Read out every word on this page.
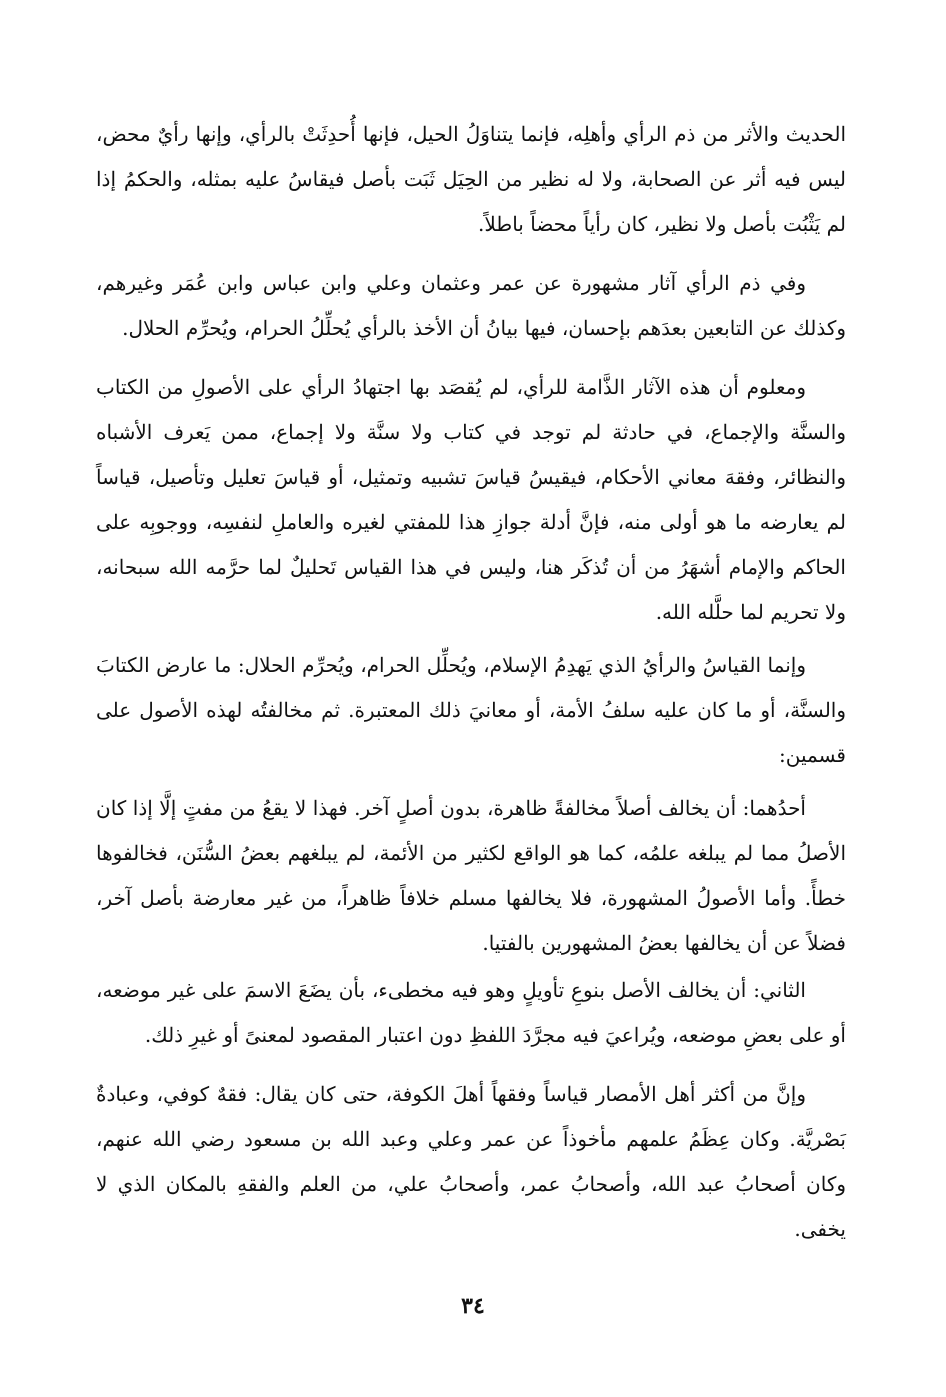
الحديث والأثر من ذم الرأي وأهلِه، فإنما يتناوَلُ الحيل، فإنها أُحدِثَتْ بالرأي، وإنها رأيٌ محض، ليس فيه أثر عن الصحابة، ولا له نظير من الحِيَل ثَبَت بأصل فيقاسُ عليه بمثله، والحكمُ إذا لم يَثْبُت بأصل ولا نظير، كان رأياً محضاً باطلاً.

وفي ذم الرأي آثار مشهورة عن عمر وعثمان وعلي وابن عباس وابن عُمَر وغيرهم، وكذلك عن التابعين بعدَهم بإحسان، فيها بيانُ أن الأخذ بالرأي يُحلِّلُ الحرام، ويُحرِّم الحلال.

ومعلوم أن هذه الآثار الذَّامة للرأي، لم يُقصَد بها اجتهادُ الرأي على الأصولِ من الكتاب والسنَّة والإجماع، في حادثة لم توجد في كتاب ولا سنَّة ولا إجماع، ممن يَعرف الأشباه والنظائر، وفقهَ معاني الأحكام، فيقيسُ قياسَ تشبيه وتمثيل، أو قياسَ تعليل وتأصيل، قياساً لم يعارضه ما هو أولى منه، فإنَّ أدلة جوازِ هذا للمفتي لغيره والعاملِ لنفسِه، ووجوبِه على الحاكم والإمام أشهَرُ من أن تُذكَر هنا، وليس في هذا القياس تَحليلٌ لما حرَّمه الله سبحانه، ولا تحريم لما حلَّله الله.

وإنما القياسُ والرأيُ الذي يَهدِمُ الإسلام، ويُحلِّل الحرام، ويُحرِّم الحلال: ما عارض الكتابَ والسنَّة، أو ما كان عليه سلفُ الأمة، أو معانيَ ذلك المعتبرة. ثم مخالفتُه لهذه الأصول على قسمين:

أحدُهما: أن يخالف أصلاً مخالفةً ظاهرة، بدون أصلٍ آخر. فهذا لا يقعُ من مفتٍ إلَّا إذا كان الأصلُ مما لم يبلغه علمُه، كما هو الواقع لكثير من الأئمة، لم يبلغهم بعضُ السُّنَن، فخالفوها خطأً. وأما الأصولُ المشهورة، فلا يخالفها مسلم خلافاً ظاهراً، من غير معارضة بأصل آخر، فضلاً عن أن يخالفها بعضُ المشهورين بالفتيا.

الثاني: أن يخالف الأصل بنوعِ تأويلٍ وهو فيه مخطىء، بأن يضَعَ الاسمَ على غير موضعه، أو على بعضِ موضعه، ويُراعيَ فيه مجرَّدَ اللفظِ دون اعتبار المقصود لمعنىً أو غيرِ ذلك.

وإنَّ من أكثر أهل الأمصار قياساً وفقهاً أهلَ الكوفة، حتى كان يقال: فقهٌ كوفي، وعبادةٌ بَصْريَّة. وكان عِظَمُ علمهم مأخوذاً عن عمر وعلي وعبد الله بن مسعود رضي الله عنهم، وكان أصحابُ عبد الله، وأصحابُ عمر، وأصحابُ علي، من العلم والفقهِ بالمكان الذي لا يخفى.

٣٤
